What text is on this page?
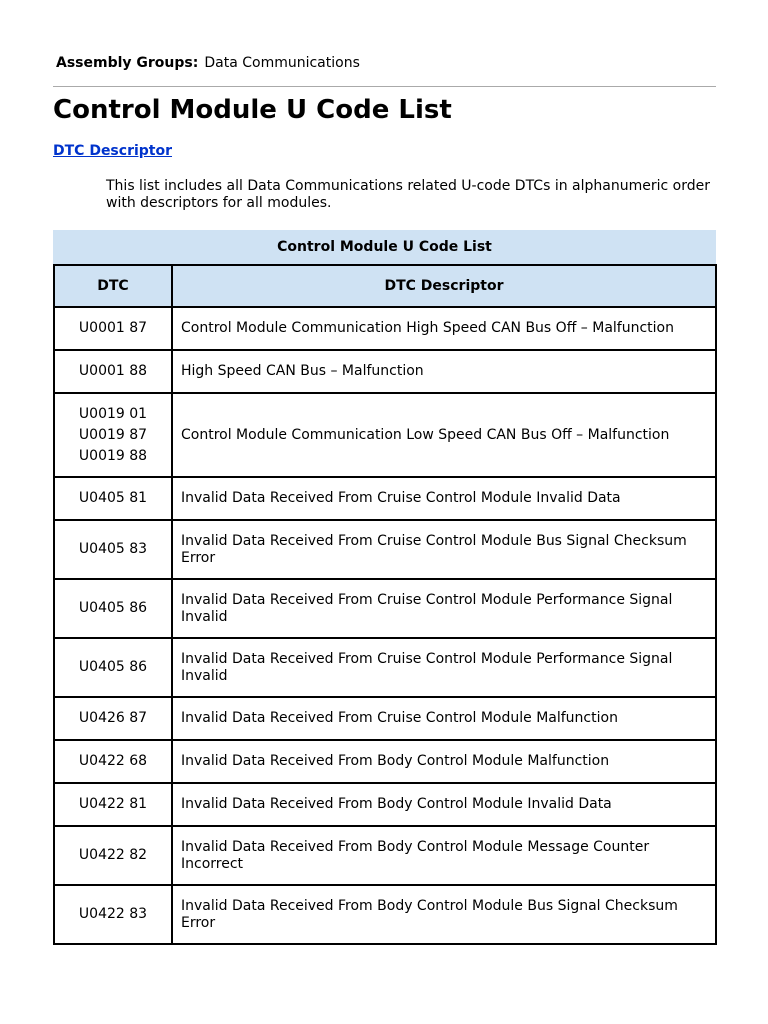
Assembly Groups: Data Communications
Control Module U Code List
DTC Descriptor

This list includes all Data Communications related U-code DTCs in alphanumeric order with descriptors for all modules.

Control Module U Code List
DTC	DTC Descriptor

U0001 87	Control Module Communication High Speed CAN Bus Off – Malfunction

U0001 88	High Speed CAN Bus – Malfunction

U0019 01
U0019 87
U0019 88	Control Module Communication Low Speed CAN Bus Off – Malfunction

U0405 81	Invalid Data Received From Cruise Control Module Invalid Data

U0405 83	Invalid Data Received From Cruise Control Module Bus Signal Checksum Error

U0405 86	Invalid Data Received From Cruise Control Module Performance Signal Invalid

U0405 86	Invalid Data Received From Cruise Control Module Performance Signal Invalid

U0426 87	Invalid Data Received From Cruise Control Module Malfunction

U0422 68	Invalid Data Received From Body Control Module Malfunction

U0422 81	Invalid Data Received From Body Control Module Invalid Data

U0422 82	Invalid Data Received From Body Control Module Message Counter Incorrect

U0422 83	Invalid Data Received From Body Control Module Bus Signal Checksum Error
